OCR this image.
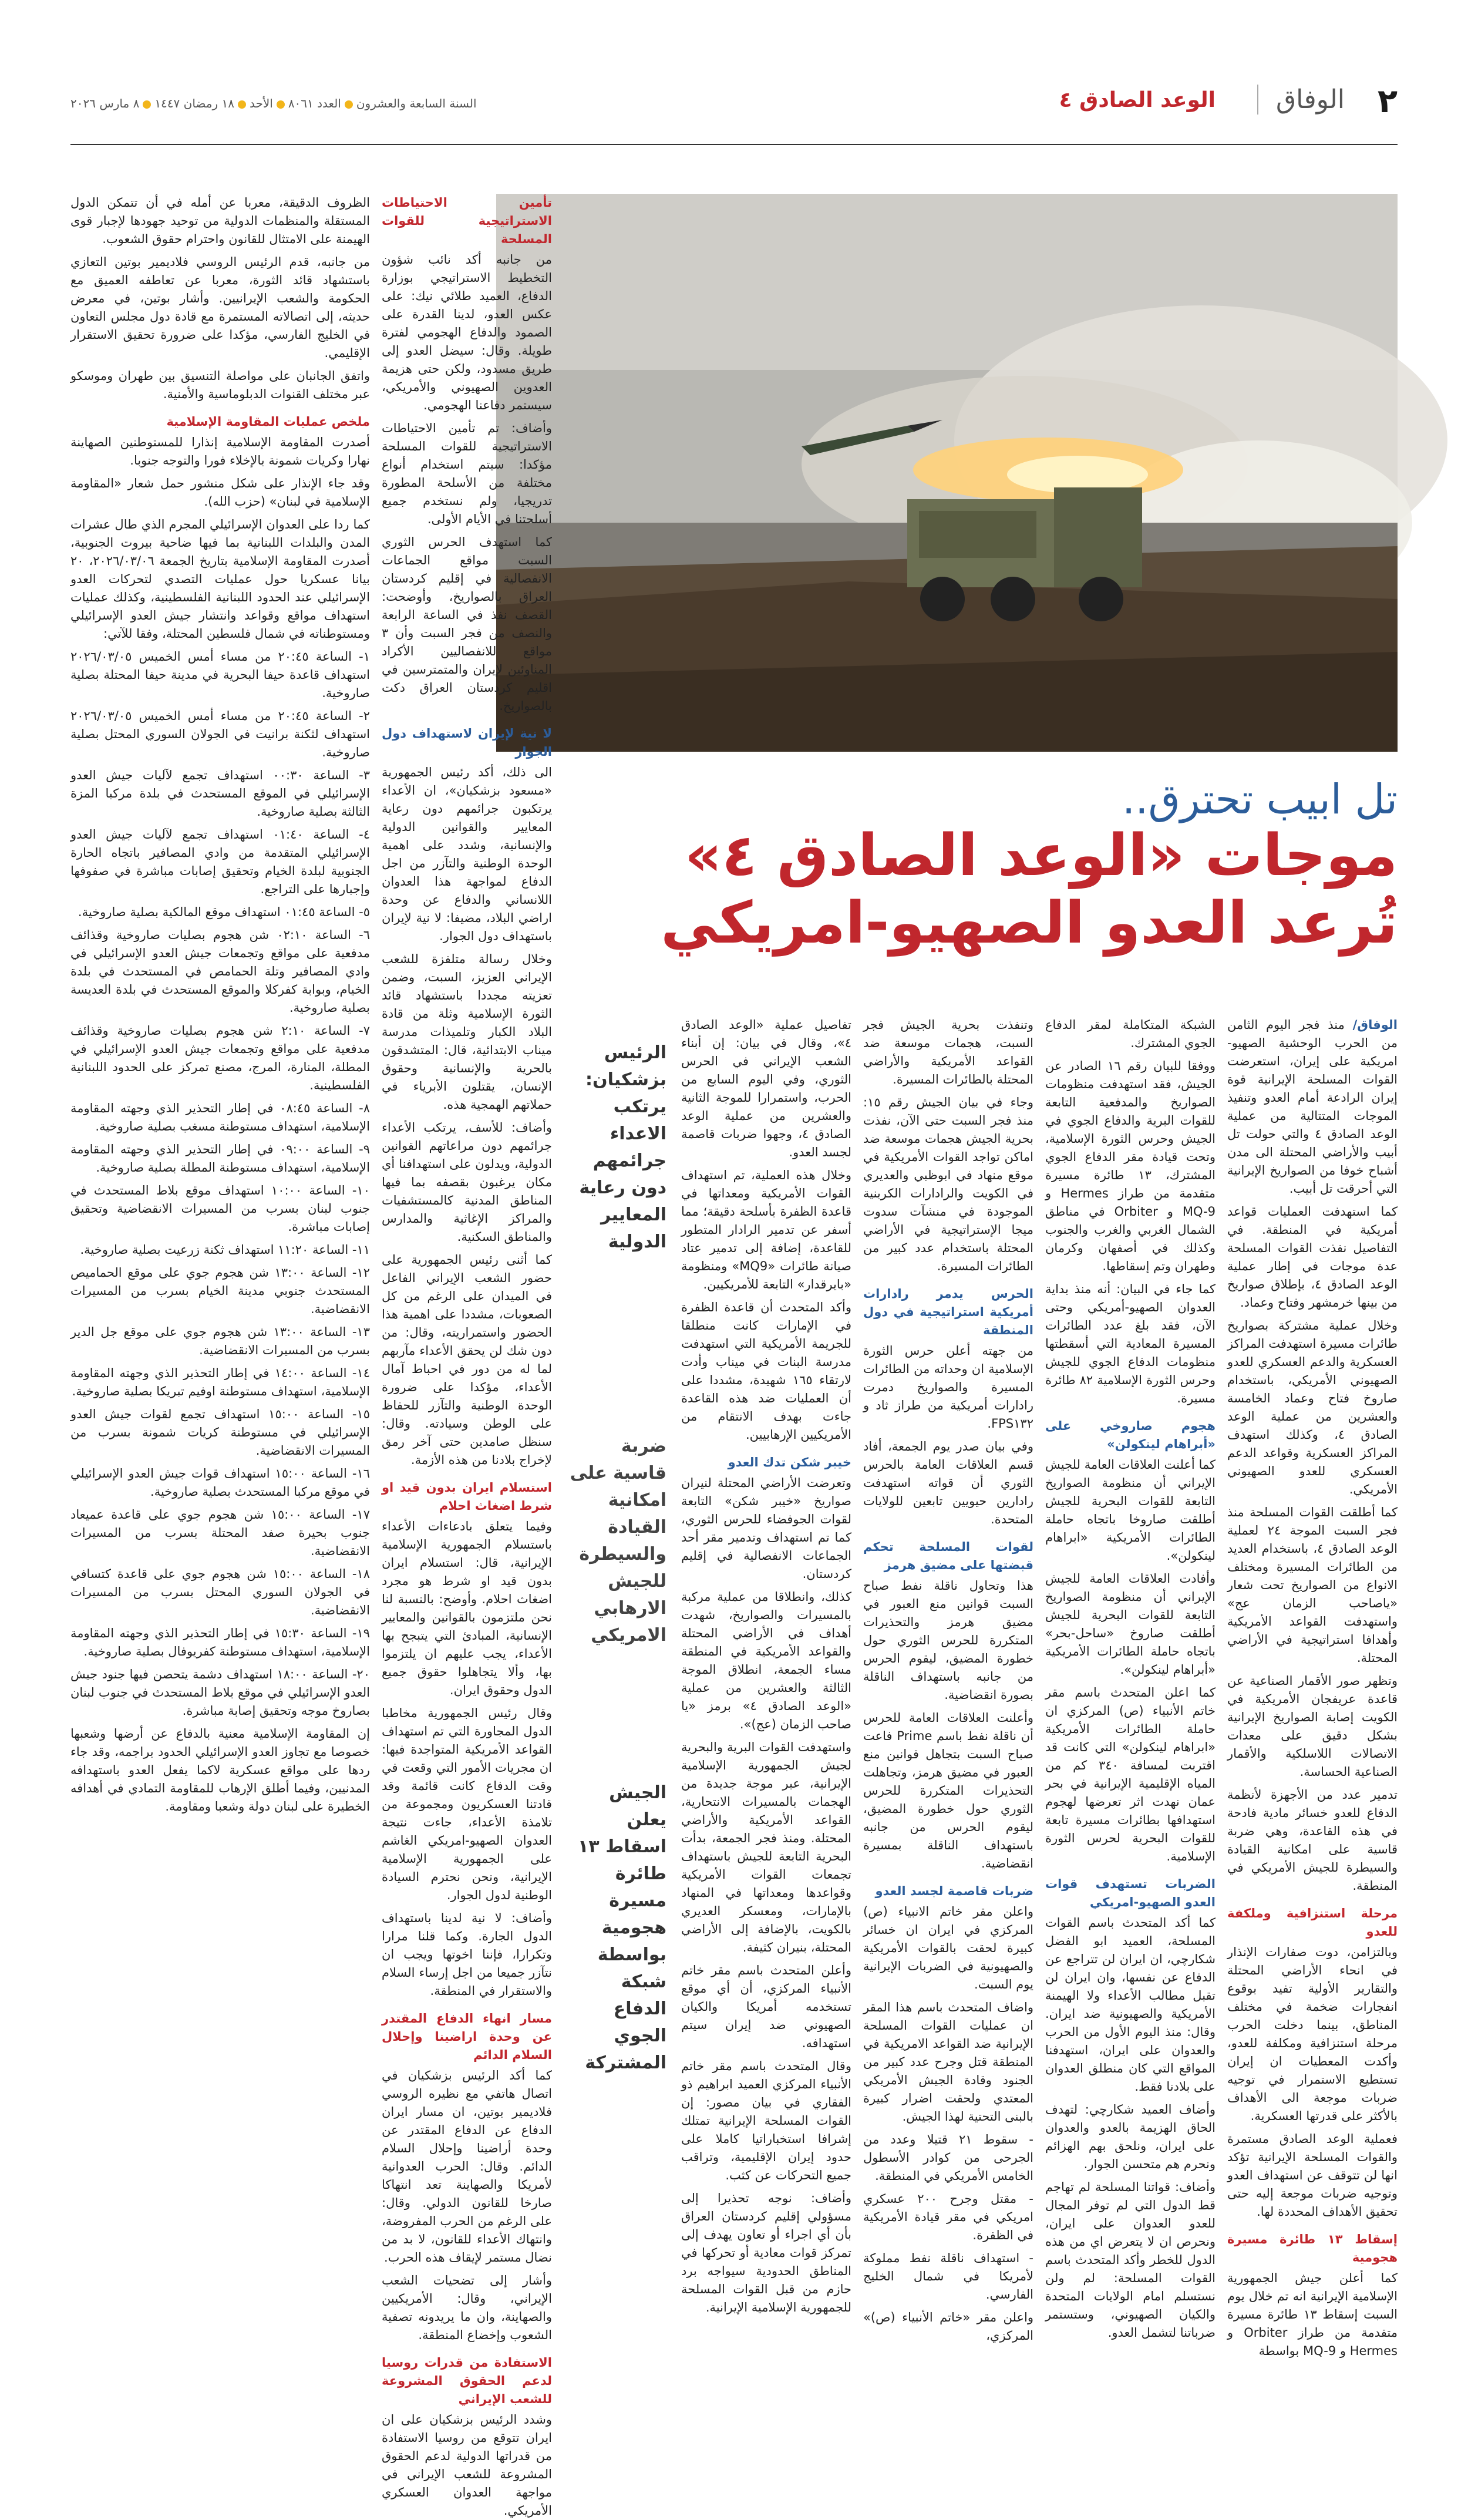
۲
الوفاق
الوعد الصادق ٤
السنة السابعة والعشرونالعدد ٨٠٦١الأحد١٨ رمضان ١٤٤٧٨ مارس ٢٠٢٦
تل ابيب تحترق..
موجات «الوعد الصادق ٤»
تُرعد العدو الصهيو-امريكي

الوفاق/ منذ فجر اليوم الثامن من الحرب الوحشية الصهيو-امريكية على إيران، استعرضت القوات المسلحة الإيرانية قوة إيران الرادعة أمام العدو وتنفيذ الموجات المتتالية من عملية الوعد الصادق ٤ والتي حولت تل أبيب والأراضي المحتلة الى مدن أشباح خوفا من الصواريخ الإيرانية التي أحرقت تل أبيب.

كما استهدفت العمليات قواعد أمريكية في المنطقة. في التفاصيل نفذت القوات المسلحة عدة موجات في إطار عملية الوعد الصادق ٤، بإطلاق صواريخ من بينها خرمشهر وفتاح وعماد.

وخلال عملية مشتركة بصواريخ طائرات مسيرة استهدفت المراكز العسكرية والدعم العسكري للعدو الصهيوني الأمريكي، باستخدام صاروخ فتاح وعماد الخامسة والعشرين من عملية الوعد الصادق ٤، وكذلك استهدف المراكز العسكرية وقواعد الدعم العسكري للعدو الصهيوني الأمريكي.

كما أطلقت القوات المسلحة منذ فجر السبت الموجة ٢٤ لعملية الوعد الصادق ٤، باستخدام العديد من الطائرات المسيرة ومختلف الانواع من الصواريخ تحت شعار «ياصاحب الزمان عج» واستهدفت القواعد الأمريكية وأهدافا استراتيجية في الأراضي المحتلة.

وتظهر صور الأقمار الصناعية عن قاعدة عريفجان الأمريكية في الكويت إصابة الصواريخ الإيرانية بشكل دقيق على معدات الاتصالات اللاسلكية والأقمار الصناعية الحساسة.

تدمير عدد من الأجهزة لأنظمة الدفاع للعدو خسائر مادية فادحة في هذه القاعدة، وهي ضربة قاسية على امكانية القيادة والسيطرة للجيش الأمريكي في المنطقة.

مرحلة استنزافية وملكفة للعدو

وبالتزامن، دوت صفارات الإنذار في انحاء الأراضي المحتلة والتقارير الأولية تفيد بوقوع انفجارات ضخمة في مختلف المناطق، بينما دخلت الحرب مرحلة استنزافية ومكلفة للعدو، وأكدت المعطيات ان إيران تستطيع الاستمرار في توجيه ضربات موجعة الى الأهداف بالأكثر على قدرتها العسكرية.

فعملية الوعد الصادق مستمرة والقوات المسلحة الإيرانية تؤكد انها لن تتوقف عن استهداف العدو وتوجيه ضربات موجعة إليه حتى تحقيق الأهداف المحددة لها.

إسقاط ١٣ طائرة مسيرة هجومية

كما أعلن جيش الجمهورية الإسلامية الإيرانية انه تم خلال يوم السبت إسقاط ١٣ طائرة مسيرة متقدمة من طراز Orbiter و Hermes و MQ-9 بواسطة

الشبكة المتكاملة لمقر الدفاع الجوي المشترك.

ووفقا للبيان رقم ١٦ الصادر عن الجيش، فقد استهدفت منظومات الصواريخ والمدفعية التابعة للقوات البرية والدفاع الجوي في الجيش وحرس الثورة الإسلامية، وتحت قيادة مقر الدفاع الجوي المشترك، ١٣ طائرة مسيرة متقدمة من طراز Hermes و MQ-9 و Orbiter في مناطق الشمال الغربي والغرب والجنوب وكذلك في أصفهان وكرمان وطهران وتم إسقاطها.

كما جاء في البيان: أنه منذ بداية العدوان الصهيو-أمريكي وحتى الآن، فقد بلغ عدد الطائرات المسيرة المعادية التي أسقطتها منظومات الدفاع الجوي للجيش وحرس الثورة الإسلامية ٨٢ طائرة مسيرة.

هجوم صاروخي على «أبراهام لينكولن»

كما أعلنت العلاقات العامة للجيش الإيراني أن منظومة الصواريخ التابعة للقوات البحرية للجيش أطلقت صاروخا باتجاه حاملة الطائرات الأمريكية «ابراهام لينكولن».

وأفادت العلاقات العامة للجيش الإيراني أن منظومة الصواريخ التابعة للقوات البحرية للجيش أطلقت صاروخ «ساحل-بحر» باتجاه حاملة الطائرات الأمريكية «أبراهام لينكولن».

كما اعلن المتحدث باسم مقر خاتم الأنبياء (ص) المركزي ان حاملة الطائرات الأمريكية «ابراهام لينكولن» التي كانت قد اقتربت لمسافة ٣٤٠ كم من المياه الإقليمية الإيرانية في بحر عمان نهدت اثر تعرضها لهجوم استهدافها بطائرات مسيرة تابعة للقوات البحرية لحرس الثورة الإسلامية.

الضربات تستهدف قوات العدو الصهيو-امريكي

كما أكد المتحدث باسم القوات المسلحة، العميد ابو الفضل شكارچي، ان ايران لن تتراجع عن الدفاع عن نفسها، وان ايران لن تقبل مطالب الأعداء ولا الهيمنة الأمريكية والصهيونية ضد ايران. وقال: منذ اليوم الأول من الحرب والعدوان على ايران، استهدفنا المواقع التي كان منطلق العدوان على بلادنا فقط.

وأضاف العميد شكارچي: لتهدف الحاق الهزيمة بالعدو والعدوان على ايران، ونلحق بهم الهزائم ونحرم هم متحسن الجوار.

وأضاف: قواتنا المسلحة لم تهاجم قط الدول التي لم توفر المجال للعدو العدوان على ايران، ونحرص ان لا يتعرض اي من هذه الدول للخطر وأكد المتحدث باسم القوات المسلحة: لم ولن نستسلم امام الولايات المتحدة والكيان الصهيوني، وستستمر ضرباتنا لتشمل العدو.

وتنفذت بحرية الجيش فجر السبت، هجمات موسعة ضد القواعد الأمريكية والأراضي المحتلة بالطائرات المسيرة.

وجاء في بيان الجيش رقم ١٥: منذ فجر السبت حتى الآن، نفذت بحرية الجيش هجمات موسعة ضد اماكن تواجد القوات الأمريكية في موقع منهاد في ابوظبي والعديري في الكويت والرادارات الكربنية الموجودة في منشآت سدوت ميجا الإستراتيجية في الأراضي المحتلة باستخدام عدد كبير من الطائرات المسيرة.

الحرس يدمر رادارات أمريكية استراتيجية في دول المنطقة

من جهته أعلن حرس الثورة الإسلامية ان وحداته من الطائرات المسيرة والصواريخ دمرت رادارات أمريكية من طراز ثاد و FPS١٣٢.

وفي بيان صدر يوم الجمعة، أفاد قسم العلاقات العامة بالحرس الثوري أن قواته استهدفت رادارين حيويين تابعين للولايات المتحدة.

لقوات المسلحة تحكم قبضتها على مضيق هرمز

هذا وتحاول ناقلة نفط صباح السبت قوانين منع العبور في مضيق هرمز والتحذيرات المتكررة للحرس الثوري حول خطورة المضيق، ليقوم الحرس من جانبه باستهداف الناقلة بصورة انقضاضية.

وأعلنت العلاقات العامة للحرس أن ناقلة نفط باسم Prime فاعت صباح السبت بتجاهل قوانين منع العبور في مضيق هرمز، وتجاهلت التحذيرات المتكررة للحرس الثوري حول خطورة المضيق، ليقوم الحرس من جانبه باستهداف الناقلة بمسيرة انقضاضية.

ضربات قاصمة لجسد العدو

واعلن مقر خاتم الانبياء (ص) المركزي في ايران ان خسائر كبيرة لحقت بالقوات الأمريكية والصهيونية في الضربات الإيرانية يوم السبت.

واضاف المتحدث باسم هذا المقر ان عمليات القوات المسلحة الإيرانية ضد القواعد الامريكية في المنطقة قتل وجرح عدد كبير من الجنود وقادة الجيش الأمريكي المعتدي ولحقت اضرار كبيرة بالبنى التحتية لهذا الجيش.

- سقوط ٢١ قتيلا وعدد من الجرحى من كوادر الأسطول الخامس الأمريكي في المنطقة.

- مقتل وجرح ٢٠٠ عسكري امريكي في مقر قيادة الأمريكية في الظفرة.

- استهداف ناقلة نفط مملوكة لأمريكا في شمال الخليج الفارسي.

واعلن مقر «خاتم الأنبياء (ص)» المركزي،

تفاصيل عملية «الوعد الصادق ٤»، وقال في بيان: إن أبناء الشعب الإيراني في الحرس الثوري، وفي اليوم السابع من الحرب، واستمرارا للموجة الثانية والعشرين من عملية الوعد الصادق ٤، وجهوا ضربات قاصمة لجسد العدو.

وخلال هذه العملية، تم استهداف القوات الأمريكية ومعداتها في قاعدة الظفرة بأسلحة دقيقة؛ مما أسفر عن تدمير الرادار المتطور للقاعدة، إضافة إلى تدمير عتاد صيانة طائرات «MQ9» ومنظومة «بايرقدار» التابعة للأمريكيين.

وأكد المتحدث أن قاعدة الظفرة في الإمارات كانت منطلقا للجريمة الأمريكية التي استهدفت مدرسة البنات في ميناب وأدت لارتقاء ١٦٥ شهيدة، مشددا على أن العمليات ضد هذه القاعدة جاءت بهدف الانتقام من الأمريكيين الإرهابيين.

خيبر شكن تدك العدو

وتعرضت الأراضي المحتلة لنيران صواريخ «خيبر شكن» التابعة لقوات الجوفضاء للحرس الثوري، كما تم استهداف وتدمير مقر أحد الجماعات الانفصالية في إقليم كردستان.

كذلك، وانطلاقا من عملية مركبة بالمسيرات والصواريخ، شهدت أهداف في الأراضي المحتلة والقواعد الأمريكية في المنطقة مساء الجمعة، انطلاق الموجة الثالثة والعشرين من عملية «الوعد الصادق ٤» برمز «يا صاحب الزمان (عج)».

واستهدفت القوات البرية والبحرية لجيش الجمهورية الإسلامية الإيرانية، عبر موجة جديدة من الهجمات بالمسيرات الانتحارية، القواعد الأمريكية والأراضي المحتلة. ومنذ فجر الجمعة، بدأت البحرية التابعة للجيش باستهداف تجمعات القوات الأمريكية وقواعدها ومعداتها في المنهاد بالإمارات، ومعسكر العديري بالكويت، بالإضافة إلى الأراضي المحتلة، بنيران كثيفة.

وأعلن المتحدث باسم مقر خاتم الأنبياء المركزي، أن أي موقع تستخدمه أمريكا والكيان الصهيوني ضد إيران سيتم استهدافه.

وقال المتحدث باسم مقر خاتم الأنبياء المركزي العميد ابراهيم ذو الفقاري في بيان مصور: إن القوات المسلحة الإيرانية تمتلك إشرافا استخباراتيا كاملا على حدود إيران الإقليمية، وتراقب جميع التحركات عن كثب.

وأضاف: نوجه تحذيرا إلى مسؤولي إقليم كردستان العراق بأن أي اجراء أو تعاون يهدف إلى تمركز قوات معادية أو تحركها في المناطق الحدودية سيواجه برد حازم من قبل القوات المسلحة للجمهورية الإسلامية الإيرانية.

الرئيس بزشكيان: يرتكب الاعداء جرائمهم دون رعاية المعايير الدولية
ضربة قاسية على امكانية القيادة والسيطرة للجيش الارهابي الامريكي
الجيش يعلن اسقاط ١٣ طائرة مسيرة هجومية بواسطة شبكة الدفاع الجوي المشتركة
تأمين الاحتياطات الاستراتيجية للقوات المسلحة

من جانبه أكد نائب شؤون التخطيط الاستراتيجي بوزارة الدفاع، العميد طلائي نيك: على عكس العدو، لدينا القدرة على الصمود والدفاع الهجومي لفترة طويلة. وقال: سيضل العدو إلى طريق مسدود، ولكن حتى هزيمة العدوين الصهيوني والأمريكي، سيستمر دفاعنا الهجومي.

وأضاف: تم تأمين الاحتياطات الاستراتيجية للقوات المسلحة مؤكدا: سيتم استخدام أنواع مختلفة من الأسلحة المطورة تدريجيا، ولم نستخدم جميع أسلحتنا في الأيام الأولى.

كما استهدف الحرس الثوري السبت مواقع الجماعات الانفصالية في إقليم كردستان العراق بالصواريخ، وأوضحت: القصف نفذ في الساعة الرابعة والنصف من فجر السبت وأن ٣ مواقع للانفصاليين الأكراد المناوئين لإيران والمتمترسين في اقليم كردستان العراق دكت بالصواريخ.

لا نية لإيران لاستهداف دول الجوار

الى ذلك، أكد رئيس الجمهورية «مسعود بزشكيان»، ان الأعداء يرتكبون جرائمهم دون رعاية المعايير والقوانين الدولية والإنسانية، وشدد على اهمية الوحدة الوطنية والتآزر من اجل الدفاع لمواجهة هذا العدوان اللانساني والدفاع عن وحدة اراضي البلاد، مضيفا: لا نية لإيران باستهداف دول الجوار.

وخلال رسالة متلفزة للشعب الإيراني العزيز، السبت، وضمن تعزيته مجددا باستشهاد قائد الثورة الإسلامية وثلة من قادة البلاد الكبار وتلميذات مدرسة ميناب الابتدائية، قال: المتشدقون بالحرية والإنسانية وحقوق الإنسان، يقتلون الأبرياء في حملاتهم الهمجية هذه.

وأضاف: للأسف، يرتكب الأعداء جرائمهم دون مراعاتهم القوانين الدولية، ويدلون على استهدافنا أي مكان يرغبون بقصفه بما فيها المناطق المدنية كالمستشفيات والمراكز الإغاثية والمدارس والمناطق السكنية.

كما أثنى رئيس الجمهورية على حضور الشعب الإيراني الفاعل في الميدان على الرغم من كل الصعوبات، مشددا على اهمية هذا الحضور واستمراريته، وقال: من دون شك لن يحقق الأعداء مآربهم لما له من دور في احباط آمال الأعداء، مؤكدا على ضرورة الوحدة الوطنية والتآزر للحفاظ على الوطن وسيادته. وقال: سنظل صامدين حتى آخر رمق لإخراج بلادنا من هذه الأزمة.

استسلام ايران بدون قيد او شرط اضغاث احلام

وفيما يتعلق بادعاءات الأعداء باستسلام الجمهورية الإسلامية الإيرانية، قال: استسلام ايران بدون قيد او شرط هو مجرد اضغاث احلام. وأوضح: بالنسبة لنا نحن ملتزمون بالقوانين والمعايير الإنسانية، المبادئ التي يتبجح بها الأعداء، يجب عليهم ان يلتزموا بها، وألا يتجاهلوا حقوق جميع الدول وحقوق ايران.

وقال رئيس الجمهورية مخاطبا الدول المجاورة التي تم استهداف القواعد الأمريكية المتواجدة فيها: ان مجريات الأمور التي وقعت في وقت الدفاع كانت قائمة وقد قادتنا العسكريون ومجموعة من تلامذة الأعداء، جاءت نتيجة العدوان الصهيو-امريكي الغاشم على الجمهورية الإسلامية الإيرانية، ونحن نحترم السيادة الوطنية لدول الجوار.

وأضاف: لا نية لدينا باستهداف الدول الجارة. وكما قلنا مرارا وتكرارا، فإننا اخوتها ويجب ان نتآزر جميعا من اجل إرساء السلام والاستقرار في المنطقة.

مسار انهاء الدفاع المقتدر عن وحدة اراضينا وإحلال السلام الدائم

كما أكد الرئيس بزشكيان في اتصال هاتفي مع نظيره الروسي فلاديمير بوتين، ان مسار ايران الدفاع عن الدفاع المقتدر عن وحدة أراضينا وإحلال السلام الدائم. وقال: الحرب العدوانية لأمريكا والصهاينة تعد انتهاكا صارخا للقانون الدولي. وقال: على الرغم من الحرب المفروضة، وانتهاك الأعداء للقانون، لا بد من نضال مستمر لإيقاف هذه الحرب.

وأشار إلى تضحيات الشعب الإيراني، وقال: الأمريكيين والصهاينة، وان ما يريدونه تصفية الشعوب وإخضاع المنطقة.

الاستفادة من قدرات روسيا لدعم الحقوق المشروعة للشعب الإيراني

وشدد الرئيس بزشكيان على ان ايران تتوقع من روسيا الاستفادة من قدراتها الدولية لدعم الحقوق المشروعة للشعب الإيراني في مواجهة العدوان العسكري الأمريكي.

الظروف الدقيقة، معربا عن أمله في أن تتمكن الدول المستقلة والمنظمات الدولية من توحيد جهودها لإجبار قوى الهيمنة على الامتثال للقانون واحترام حقوق الشعوب.

من جانبه، قدم الرئيس الروسي فلاديمير بوتين التعازي باستشهاد قائد الثورة، معربا عن تعاطفه العميق مع الحكومة والشعب الإيرانيين. وأشار بوتين، في معرض حديثه، إلى اتصالاته المستمرة مع قادة دول مجلس التعاون في الخليج الفارسي، مؤكدا على ضرورة تحقيق الاستقرار الإقليمي.

واتفق الجانبان على مواصلة التنسيق بين طهران وموسكو عبر مختلف القنوات الدبلوماسية والأمنية.

ملخص عمليات المقاومة الإسلامية

أصدرت المقاومة الإسلامية إنذارا للمستوطنين الصهاينة نهارا وكريات شمونة بالإخلاء فورا والتوجه جنوبا.

وقد جاء الإنذار على شكل منشور حمل شعار «المقاومة الإسلامية في لبنان» (حزب الله).

كما ردا على العدوان الإسرائيلي المجرم الذي طال عشرات المدن والبلدات اللبنانية بما فيها ضاحية بيروت الجنوبية، أصدرت المقاومة الإسلامية بتاريخ الجمعة ٢٠٢٦/٠٣/٠٦، ٢٠ بيانا عسكريا حول عمليات التصدي لتحركات العدو الإسرائيلي عند الحدود اللبنانية الفلسطينية، وكذلك عمليات استهداف مواقع وقواعد وانتشار جيش العدو الإسرائيلي ومستوطناته في شمال فلسطين المحتلة، وفقا للآتي:

١- الساعة ٢٠:٤٥ من مساء أمس الخميس ٢٠٢٦/٠٣/٠٥ استهداف قاعدة حيفا البحرية في مدينة حيفا المحتلة بصلية صاروخية.

٢- الساعة ٢٠:٤٥ من مساء أمس الخميس ٢٠٢٦/٠٣/٠٥ استهداف لثكنة برانيت في الجولان السوري المحتل بصلية صاروخية.

٣- الساعة ٠٠:٣٠ استهداف تجمع لآليات جيش العدو الإسرائيلي في الموقع المستحدث في بلدة مركبا المزة الثالثة بصلية صاروخية.

٤- الساعة ٠١:٤٠ استهداف تجمع لآليات جيش العدو الإسرائيلي المتقدمة من وادي المصافير باتجاه الحارة الجنوبية لبلدة الخيام وتحقيق إصابات مباشرة في صفوفها وإجبارها على التراجع.

٥- الساعة ٠١:٤٥ استهداف موقع المالكية بصلية صاروخية.

٦- الساعة ٠٢:١٠ شن هجوم بصليات صاروخية وقذائف مدفعية على مواقع وتجمعات جيش العدو الإسرائيلي في وادي المصافير وتلة الحمامص في المستحدث في بلدة الخيام، وبوابة كفركلا والموقع المستحدث في بلدة العديسة بصلية صاروخية.

٧- الساعة ٢:١٠ شن هجوم بصليات صاروخية وقذائف مدفعية على مواقع وتجمعات جيش العدو الإسرائيلي في المطلة، المنارة، المرج، مصنع تمركز على الحدود اللبنانية الفلسطينية.

٨- الساعة ٠٨:٤٥ في إطار التحذير الذي وجهته المقاومة الإسلامية، استهداف مستوطنة مسغب بصلية صاروخية.

٩- الساعة ٠٩:٠٠ في إطار التحذير الذي وجهته المقاومة الإسلامية، استهداف مستوطنة المطلة بصلية صاروخية.

١٠- الساعة ١٠:٠٠ استهداف موقع بلاط المستحدث في جنوب لبنان بسرب من المسيرات الانقضاضية وتحقيق إصابات مباشرة.

١١- الساعة ١١:٢٠ استهداف ثكنة زرعيت بصلية صاروخية.

١٢- الساعة ١٣:٠٠ شن هجوم جوي على موقع الحماميص المستحدث جنوبي مدينة الخيام بسرب من المسيرات الانقضاضية.

١٣- الساعة ١٣:٠٠ شن هجوم جوي على موقع جل الدير بسرب من المسيرات الانقضاضية.

١٤- الساعة ١٤:٠٠ في إطار التحذير الذي وجهته المقاومة الإسلامية، استهداف مستوطنة اوفيم تبريكا بصلية صاروخية.

١٥- الساعة ١٥:٠٠ استهداف تجمع لقوات جيش العدو الإسرائيلي في مستوطنة كريات شمونة بسرب من المسيرات الانقضاضية.

١٦- الساعة ١٥:٠٠ استهداف قوات جيش العدو الإسرائيلي في موقع مركبا المستحدث بصلية صاروخية.

١٧- الساعة ١٥:٠٠ شن هجوم جوي على قاعدة عميعاد جنوب بحيرة صفد المحتلة بسرب من المسيرات الانقضاضية.

١٨- الساعة ١٥:٠٠ شن هجوم جوي على قاعدة كتسافي في الجولان السوري المحتل بسرب من المسيرات الانقضاضية.

١٩- الساعة ١٥:٣٠ في إطار التحذير الذي وجهته المقاومة الإسلامية، استهداف مستوطنة كفريوفال بصلية صاروخية.

٢٠- الساعة ١٨:٠٠ استهداف دشمة يتحصن فيها جنود جيش العدو الإسرائيلي في موقع بلاط المستحدث في جنوب لبنان بصاروخ موجه وتحقيق إصابة مباشرة.

إن المقاومة الإسلامية معنية بالدفاع عن أرضها وشعبها خصوصا مع تجاوز العدو الإسرائيلي الحدود براجمه، وقد جاء ردها على مواقع عسكرية لاكما يفعل العدو باستهدافه المدنيين، وفيما أطلق الإرهاب للمقاومة التمادي في أهدافه الخطيرة على لبنان دولة وشعبا ومقاومة.
